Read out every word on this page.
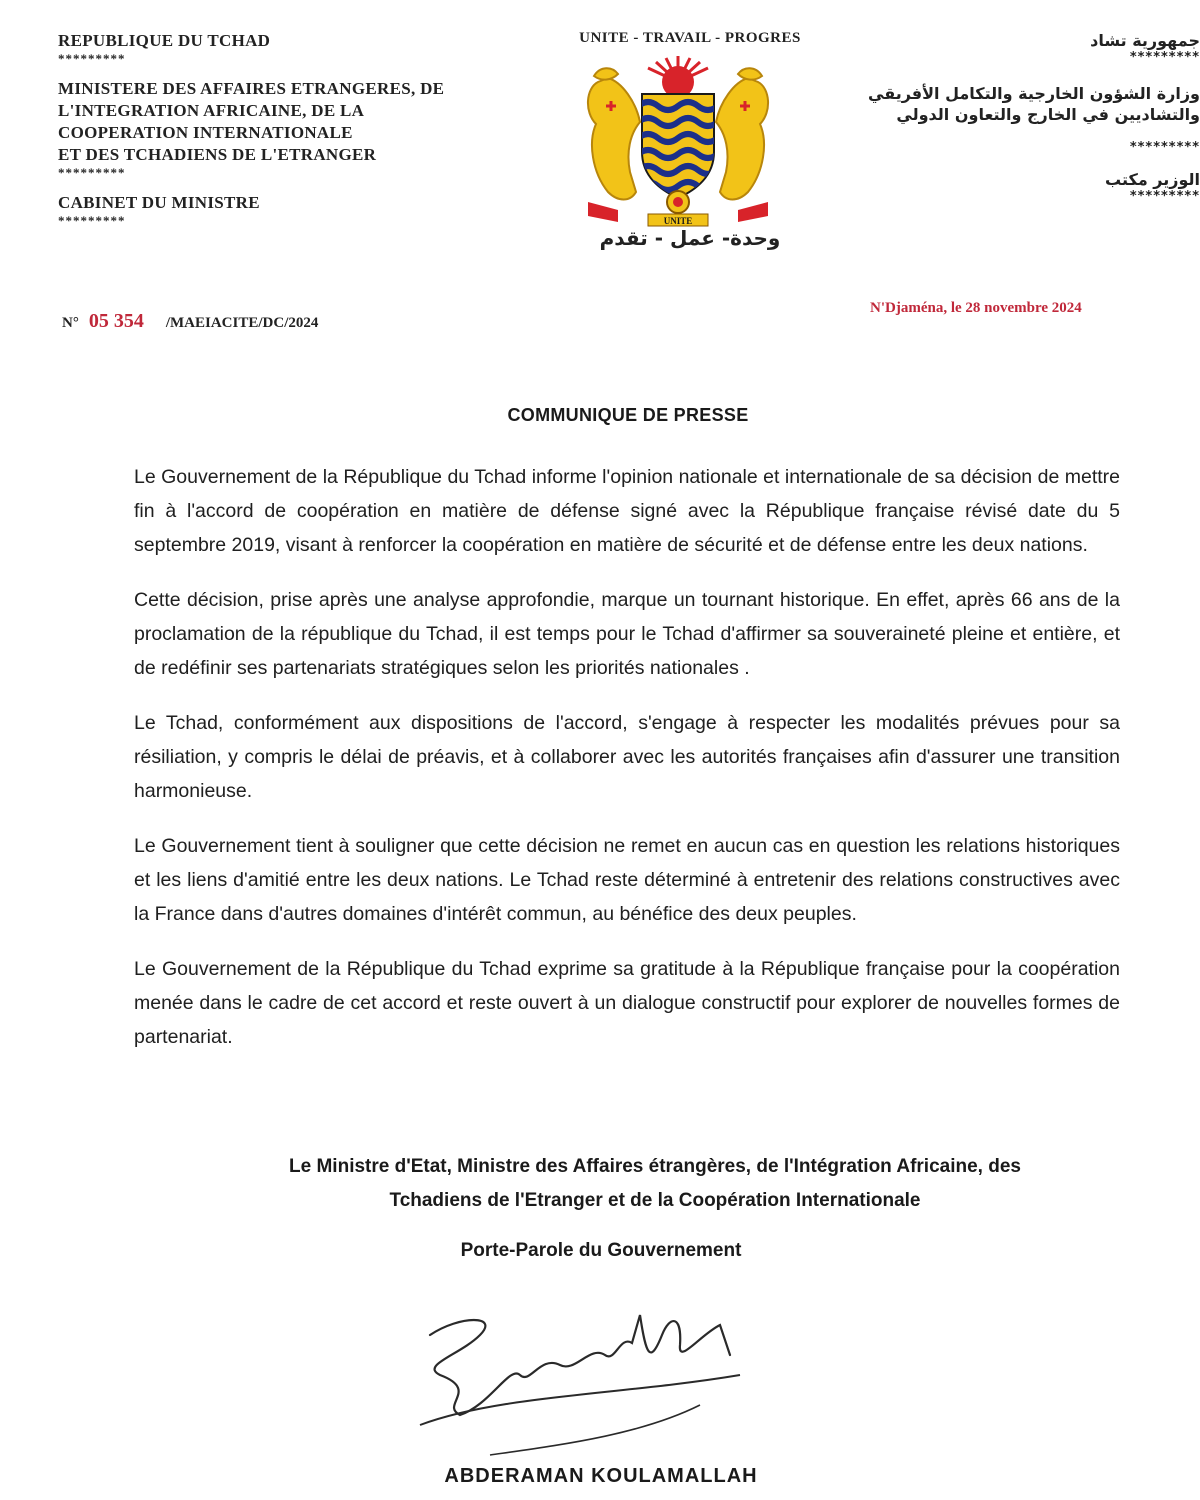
REPUBLIQUE DU TCHAD
*********
MINISTERE DES AFFAIRES ETRANGERES, DE
L'INTEGRATION AFRICAINE, DE LA
COOPERATION INTERNATIONALE
ET DES TCHADIENS DE L'ETRANGER
*********
CABINET DU MINISTRE
*********
UNITE - TRAVAIL - PROGRES
UNITE
وحدة- عمل - تقدم
جمهورية تشاد
*********
وزارة الشؤون الخارجية والتكامل الأفريقي
والتشاديين في الخارج والتعاون الدولي
*********
الوزير مكتب
*********
N° 05 354 /MAEIACITE/DC/2024
N'Djaména, le 28 novembre 2024
COMMUNIQUE DE PRESSE

Le Gouvernement de la République du Tchad informe l'opinion nationale et internationale de sa décision de mettre fin à l'accord de coopération en matière de défense signé avec la République française révisé date du 5 septembre 2019, visant à renforcer la coopération en matière de sécurité et de défense entre les deux nations.

Cette décision, prise après une analyse approfondie, marque un tournant historique. En effet, après 66 ans de la proclamation de la république du Tchad, il est temps pour le Tchad d'affirmer sa souveraineté pleine et entière, et de redéfinir ses partenariats stratégiques selon les priorités nationales .

Le Tchad, conformément aux dispositions de l'accord, s'engage à respecter les modalités prévues pour sa résiliation, y compris le délai de préavis, et à collaborer avec les autorités françaises afin d'assurer une transition harmonieuse.

Le Gouvernement tient à souligner que cette décision ne remet en aucun cas en question les relations historiques et les liens d'amitié entre les deux nations. Le Tchad reste déterminé à entretenir des relations constructives avec la France dans d'autres domaines d'intérêt commun, au bénéfice des deux peuples.

Le Gouvernement de la République du Tchad exprime sa gratitude à la République française pour la coopération menée dans le cadre de cet accord et reste ouvert à un dialogue constructif pour explorer de nouvelles formes de partenariat.

Le Ministre d'Etat, Ministre des Affaires étrangères, de l'Intégration Africaine, des
Tchadiens de l'Etranger et de la Coopération Internationale
Porte-Parole du Gouvernement
ABDERAMAN KOULAMALLAH
